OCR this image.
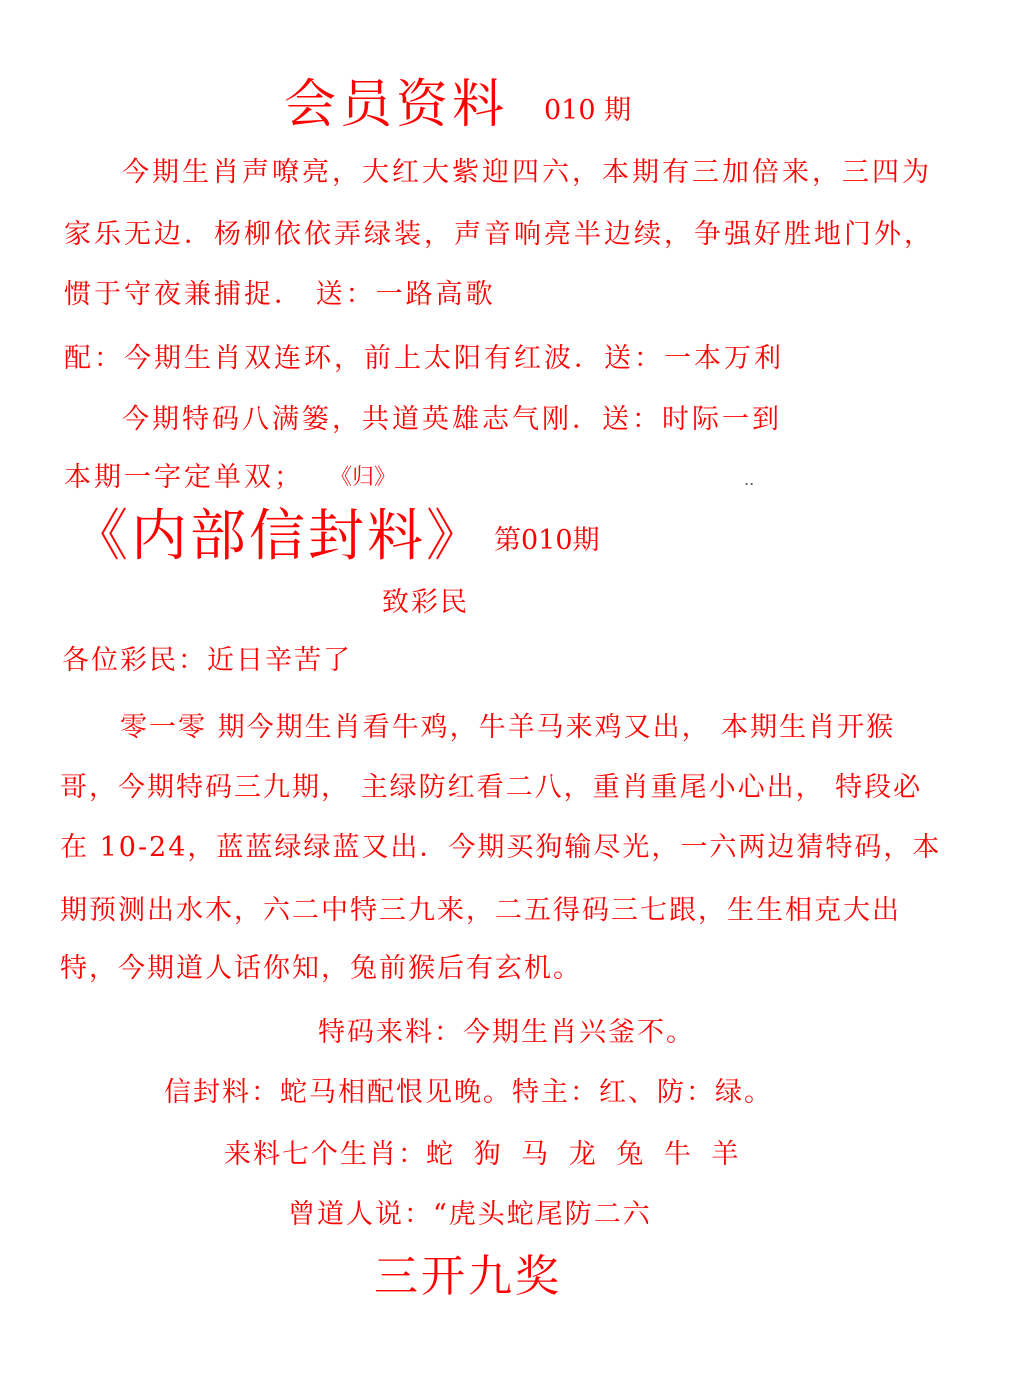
会员资料 010 期
今期生肖声嘹亮，大红大紫迎四六，本期有三加倍来，三四为
家乐无边．杨柳依依弄绿装，声音响亮半边续，争强好胜地门外，
惯于守夜兼捕捉． 送：一路高歌
配：今期生肖双连环，前上太阳有红波．送：一本万利
今期特码八满篓，共道英雄志气刚．送：时际一到
本期一字定单双； 《归》	..
《内部信封料》 第010期
致彩民
各位彩民：近日辛苦了
零一零 期今期生肖看牛鸡，牛羊马来鸡又出， 本期生肖开猴
哥，今期特码三九期， 主绿防红看二八，重肖重尾小心出， 特段必
在 10-24，蓝蓝绿绿蓝又出．今期买狗输尽光，一六两边猜特码，本
期预测出水木，六二中特三九来，二五得码三七跟，生生相克大出
特，今期道人话你知，兔前猴后有玄机。
特码来料：今期生肖兴釜不。
信封料：蛇马相配恨见晚。特主：红、防：绿。
来料七个生肖： 蛇 狗 马 龙 兔 牛 羊
曾道人说：“虎头蛇尾防二六
三开九奖
